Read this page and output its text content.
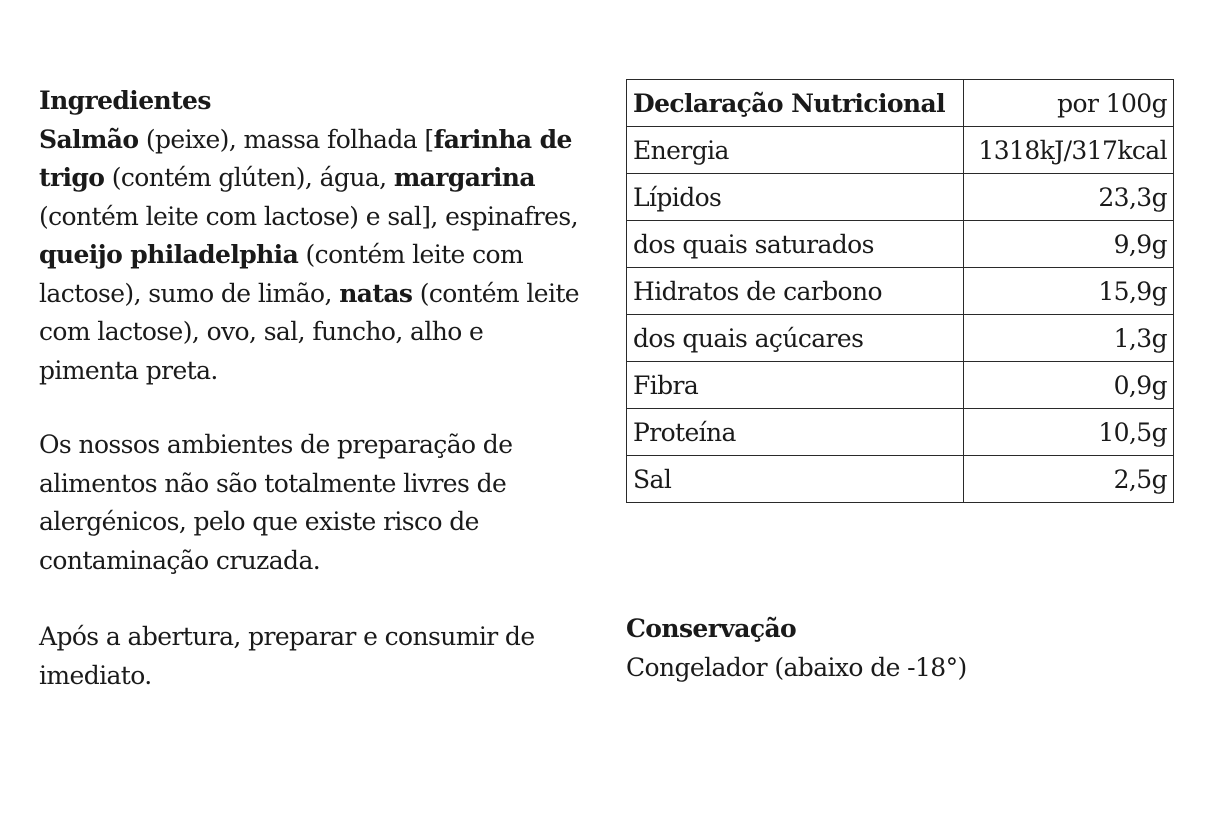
Ingredientes

Salmão (peixe), massa folhada [farinha de trigo (contém glúten), água, margarina (contém leite com lactose) e sal], espinafres, queijo philadelphia (contém leite com lactose), sumo de limão, natas (contém leite com lactose), ovo, sal, funcho, alho e pimenta preta.

Os nossos ambientes de preparação de alimentos não são totalmente livres de alergénicos, pelo que existe risco de contaminação cruzada.

Após a abertura, preparar e consumir de imediato.

Declaração Nutricional	por 100g
Energia	1318kJ/317kcal
Lípidos	23,3g
dos quais saturados	9,9g
Hidratos de carbono	15,9g
dos quais açúcares	1,3g
Fibra	0,9g
Proteína	10,5g
Sal	2,5g

Conservação

Congelador (abaixo de -18°)
